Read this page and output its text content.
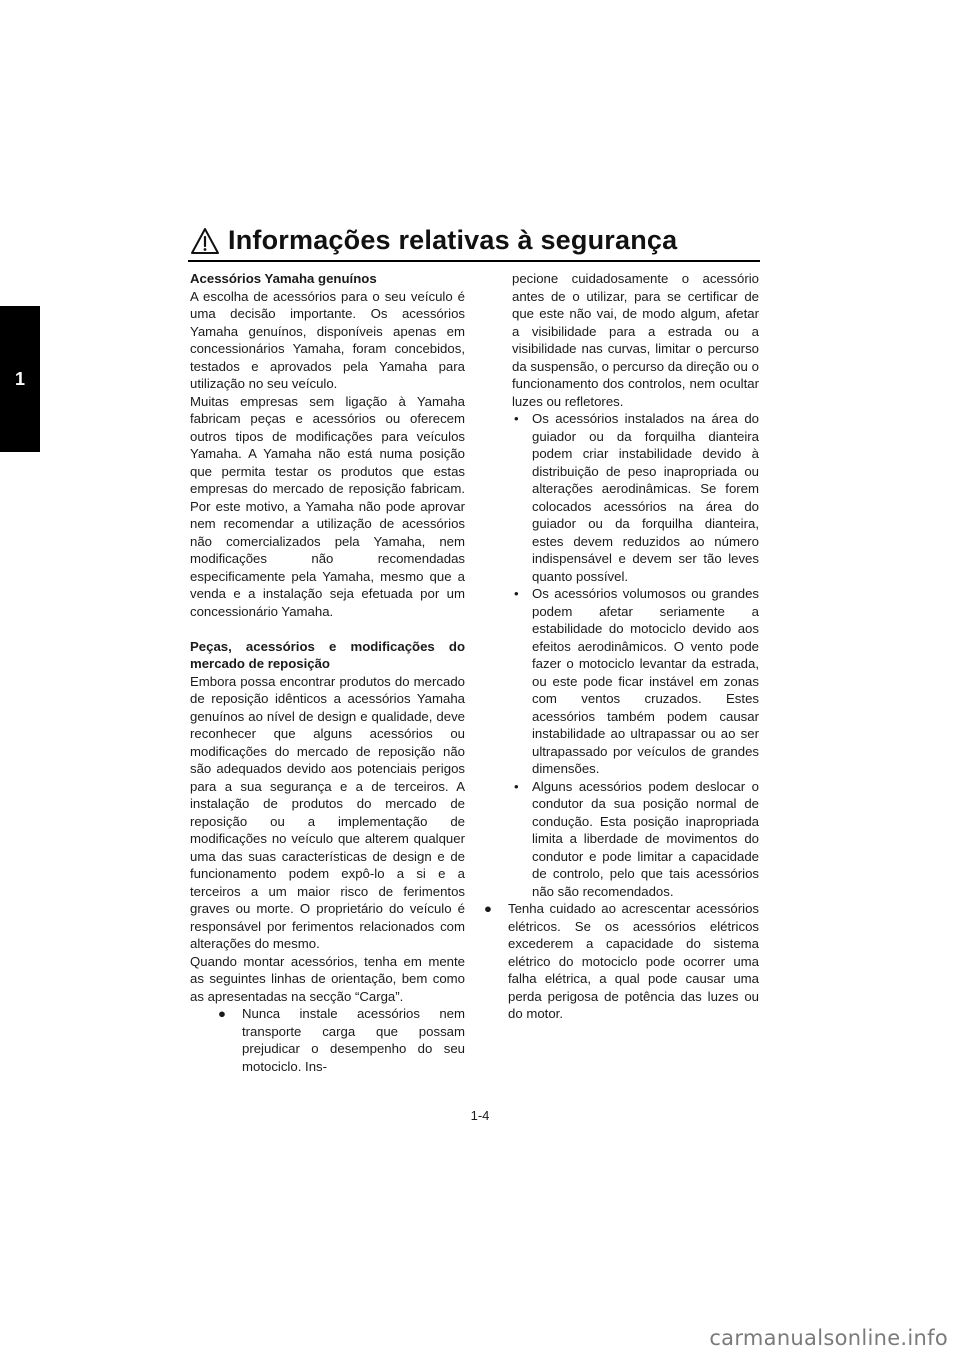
1
Informações relativas à segurança

Acessórios Yamaha genuínos

A escolha de acessórios para o seu veículo é uma decisão importante. Os acessórios Yamaha genuínos, disponíveis apenas em concessionários Yamaha, foram concebidos, testados e aprovados pela Yamaha para utilização no seu veículo.

Muitas empresas sem ligação à Yamaha fabricam peças e acessórios ou oferecem outros tipos de modificações para veículos Yamaha. A Yamaha não está numa posição que permita testar os produtos que estas empresas do mercado de reposição fabricam. Por este motivo, a Yamaha não pode aprovar nem recomendar a utilização de acessórios não comercializados pela Yamaha, nem modificações não recomendadas especificamente pela Yamaha, mesmo que a venda e a instalação seja efetuada por um concessionário Yamaha.

Peças, acessórios e modificações do mercado de reposição

Embora possa encontrar produtos do mercado de reposição idênticos a acessórios Yamaha genuínos ao nível de design e qualidade, deve reconhecer que alguns acessórios ou modificações do mercado de reposição não são adequados devido aos potenciais perigos para a sua segurança e a de terceiros. A instalação de produtos do mercado de reposição ou a implementação de modificações no veículo que alterem qualquer uma das suas características de design e de funcionamento podem expô-lo a si e a terceiros a um maior risco de ferimentos graves ou morte. O proprietário do veículo é responsável por ferimentos relacionados com alterações do mesmo.

Quando montar acessórios, tenha em mente as seguintes linhas de orientação, bem como as apresentadas na secção “Carga”.

● Nunca instale acessórios nem transporte carga que possam prejudicar o desempenho do seu motociclo. Ins-

pecione cuidadosamente o acessório antes de o utilizar, para se certificar de que este não vai, de modo algum, afetar a visibilidade para a estrada ou a visibilidade nas curvas, limitar o percurso da suspensão, o percurso da direção ou o funcionamento dos controlos, nem ocultar luzes ou refletores.

• Os acessórios instalados na área do guiador ou da forquilha dianteira podem criar instabilidade devido à distribuição de peso inapropriada ou alterações aerodinâmicas. Se forem colocados acessórios na área do guiador ou da forquilha dianteira, estes devem reduzidos ao número indispensável e devem ser tão leves quanto possível.
• Os acessórios volumosos ou grandes podem afetar seriamente a estabilidade do motociclo devido aos efeitos aerodinâmicos. O vento pode fazer o motociclo levantar da estrada, ou este pode ficar instável em zonas com ventos cruzados. Estes acessórios também podem causar instabilidade ao ultrapassar ou ao ser ultrapassado por veículos de grandes dimensões.
• Alguns acessórios podem deslocar o condutor da sua posição normal de condução. Esta posição inapropriada limita a liberdade de movimentos do condutor e pode limitar a capacidade de controlo, pelo que tais acessórios não são recomendados.
● Tenha cuidado ao acrescentar acessórios elétricos. Se os acessórios elétricos excederem a capacidade do sistema elétrico do motociclo pode ocorrer uma falha elétrica, a qual pode causar uma perda perigosa de potência das luzes ou do motor.
1-4
carmanualsonline.info
